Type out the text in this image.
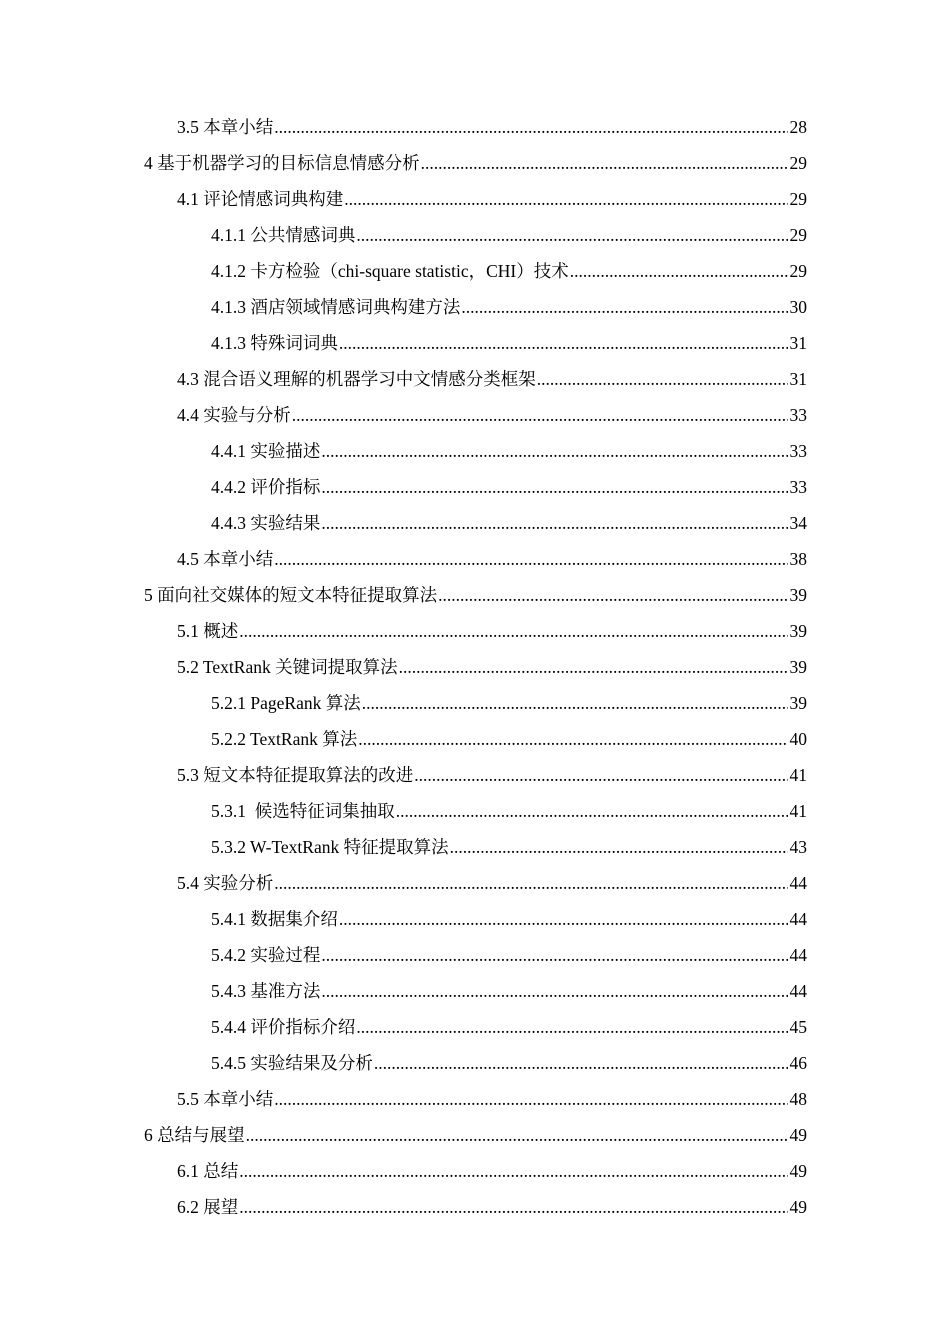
3.5 本章小结 .....	28
4 基于机器学习的目标信息情感分析 .....	29
4.1 评论情感词典构建 .....	29
4.1.1 公共情感词典 .....	29
4.1.2 卡方检验（chi-square statistic，CHI）技术 .....	29
4.1.3 酒店领域情感词典构建方法 .....	30
4.1.3 特殊词词典 .....	31
4.3 混合语义理解的机器学习中文情感分类框架 .....	31
4.4 实验与分析 .....	33
4.4.1 实验描述 .....	33
4.4.2 评价指标 .....	33
4.4.3 实验结果 .....	34
4.5 本章小结 .....	38
5 面向社交媒体的短文本特征提取算法 .....	39
5.1 概述 .....	39
5.2 TextRank 关键词提取算法 .....	39
5.2.1 PageRank 算法 .....	39
5.2.2 TextRank 算法 .....	40
5.3 短文本特征提取算法的改进 .....	41
5.3.1  候选特征词集抽取 .....	41
5.3.2 W-TextRank 特征提取算法 .....	43
5.4 实验分析 .....	44
5.4.1 数据集介绍 .....	44
5.4.2 实验过程 .....	44
5.4.3 基准方法 .....	44
5.4.4 评价指标介绍 .....	45
5.4.5 实验结果及分析 .....	46
5.5 本章小结 .....	48
6 总结与展望 .....	49
6.1 总结 .....	49
6.2 展望 .....	49
